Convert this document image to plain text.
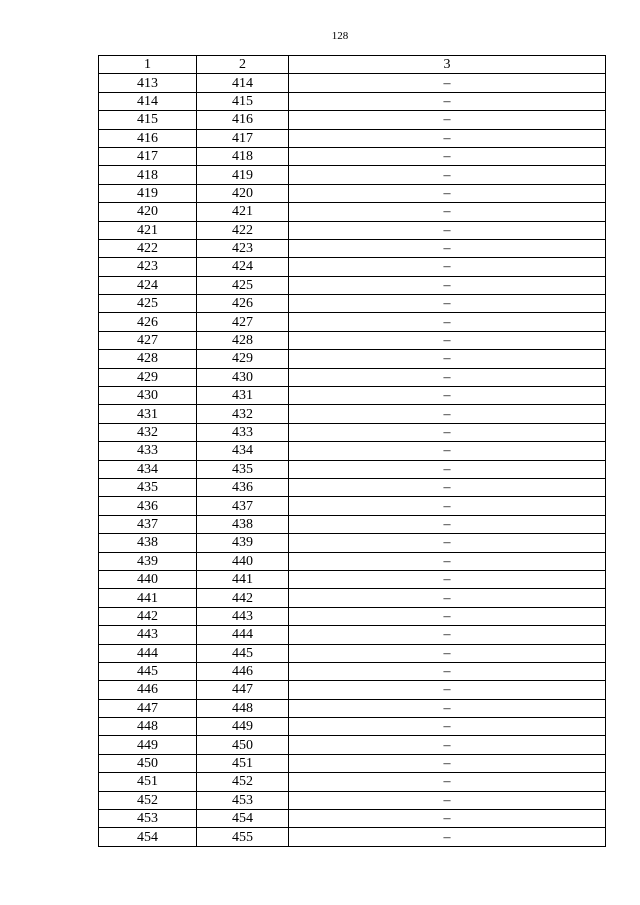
128
1	2	3
413	414	–
414	415	–
415	416	–
416	417	–
417	418	–
418	419	–
419	420	–
420	421	–
421	422	–
422	423	–
423	424	–
424	425	–
425	426	–
426	427	–
427	428	–
428	429	–
429	430	–
430	431	–
431	432	–
432	433	–
433	434	–
434	435	–
435	436	–
436	437	–
437	438	–
438	439	–
439	440	–
440	441	–
441	442	–
442	443	–
443	444	–
444	445	–
445	446	–
446	447	–
447	448	–
448	449	–
449	450	–
450	451	–
451	452	–
452	453	–
453	454	–
454	455	–
